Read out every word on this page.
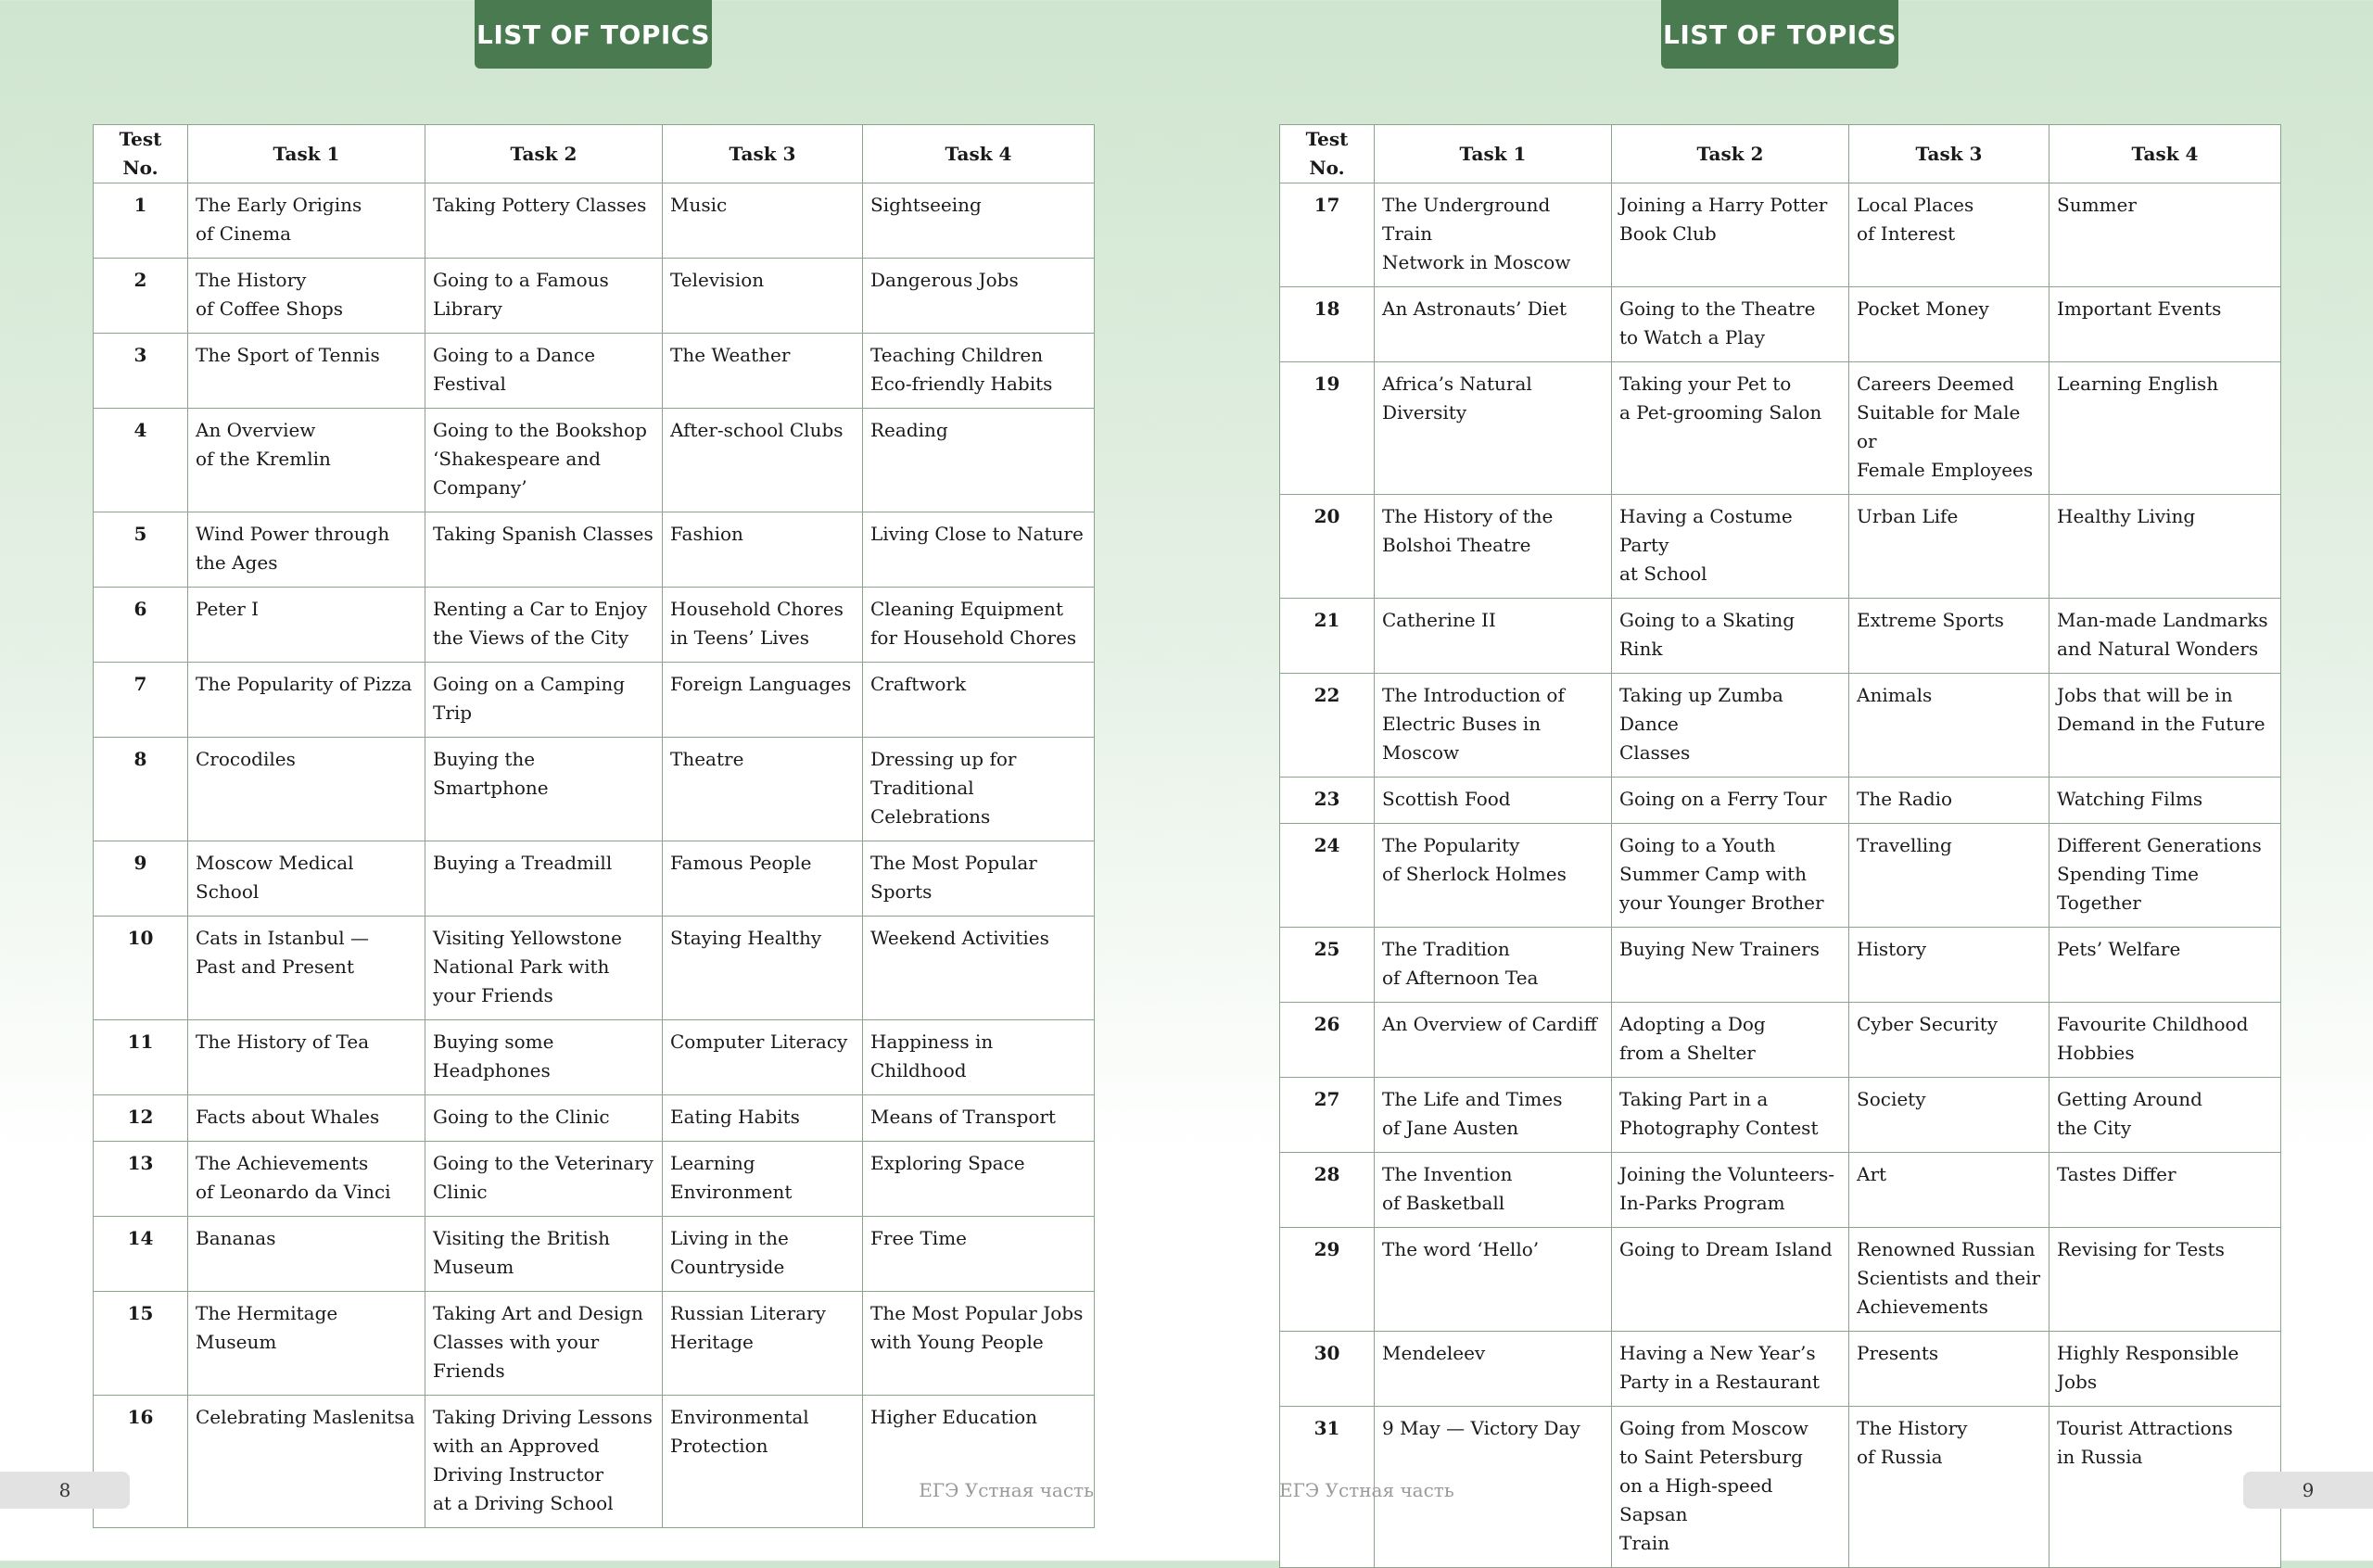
LIST OF TOPICS
Test No.	Task 1	Task 2	Task 3	Task 4

1	The Early Origins
of Cinema	Taking Pottery Classes	Music	Sightseeing

2	The History
of Coffee Shops	Going to a Famous
Library	Television	Dangerous Jobs

3	The Sport of Tennis	Going to a Dance
Festival	The Weather	Teaching Children
Eco-friendly Habits

4	An Overview
of the Kremlin	Going to the Bookshop
‘Shakespeare and
Company’	After-school Clubs	Reading

5	Wind Power through
the Ages	Taking Spanish Classes	Fashion	Living Close to Nature

6	Peter I	Renting a Car to Enjoy
the Views of the City	Household Chores
in Teens’ Lives	Cleaning Equipment
for Household Chores

7	The Popularity of Pizza	Going on a Camping
Trip	Foreign Languages	Craftwork

8	Crocodiles	Buying the Smartphone	Theatre	Dressing up for
Traditional Celebrations

9	Moscow Medical School	Buying a Treadmill	Famous People	The Most Popular
Sports

10	Cats in Istanbul —
Past and Present	Visiting Yellowstone
National Park with
your Friends	Staying Healthy	Weekend Activities

11	The History of Tea	Buying some
Headphones	Computer Literacy	Happiness in
Childhood

12	Facts about Whales	Going to the Clinic	Eating Habits	Means of Transport

13	The Achievements
of Leonardo da Vinci	Going to the Veterinary
Clinic	Learning
Environment	Exploring Space

14	Bananas	Visiting the British
Museum	Living in the
Countryside	Free Time

15	The Hermitage Museum	Taking Art and Design
Classes with your
Friends	Russian Literary
Heritage	The Most Popular Jobs
with Young People

16	Celebrating Maslenitsa	Taking Driving Lessons
with an Approved
Driving Instructor
at a Driving School	Environmental
Protection	Higher Education
8	ЕГЭ Устная часть
LIST OF TOPICS
Test No.	Task 1	Task 2	Task 3	Task 4

17	The Underground Train
Network in Moscow	Joining a Harry Potter
Book Club	Local Places
of Interest	Summer

18	An Astronauts’ Diet	Going to the Theatre
to Watch a Play	Pocket Money	Important Events

19	Africa’s Natural
Diversity	Taking your Pet to
a Pet-grooming Salon	Careers Deemed
Suitable for Male or
Female Employees	Learning English

20	The History of the
Bolshoi Theatre	Having a Costume Party
at School	Urban Life	Healthy Living

21	Catherine II	Going to a Skating Rink	Extreme Sports	Man-made Landmarks
and Natural Wonders

22	The Introduction of
Electric Buses in
Moscow	Taking up Zumba Dance
Classes	Animals	Jobs that will be in
Demand in the Future

23	Scottish Food	Going on a Ferry Tour	The Radio	Watching Films

24	The Popularity
of Sherlock Holmes	Going to a Youth
Summer Camp with
your Younger Brother	Travelling	Different Generations
Spending Time
Together

25	The Tradition
of Afternoon Tea	Buying New Trainers	History	Pets’ Welfare

26	An Overview of Cardiff	Adopting a Dog
from a Shelter	Cyber Security	Favourite Childhood
Hobbies

27	The Life and Times
of Jane Austen	Taking Part in a
Photography Contest	Society	Getting Around
the City

28	The Invention
of Basketball	Joining the Volunteers-
In-Parks Program	Art	Tastes Differ

29	The word ‘Hello’	Going to Dream Island	Renowned Russian
Scientists and their
Achievements	Revising for Tests

30	Mendeleev	Having a New Year’s
Party in a Restaurant	Presents	Highly Responsible Jobs

31	9 May — Victory Day	Going from Moscow
to Saint Petersburg
on a High-speed Sapsan
Train	The History
of Russia	Tourist Attractions
in Russia
9
ЕГЭ Устная часть
